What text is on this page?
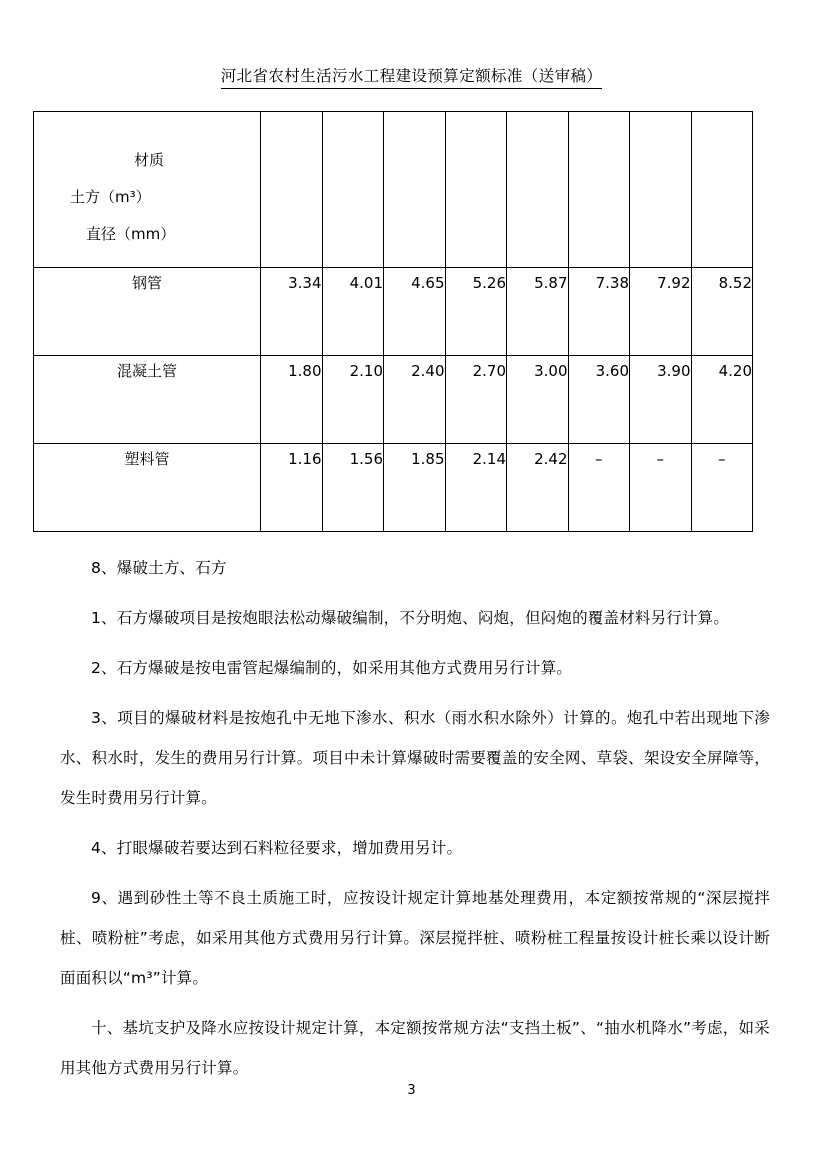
河北省农村生活污水工程建设预算定额标准（送审稿）
材质
土方（m³）
直径（mm）								

钢管	3.34	4.01	4.65	5.26	5.87	7.38	7.92	8.52
混凝土管	1.80	2.10	2.40	2.70	3.00	3.60	3.90	4.20
塑料管	1.16	1.56	1.85	2.14	2.42	–	–	–

8、爆破土方、石方

1、石方爆破项目是按炮眼法松动爆破编制，不分明炮、闷炮，但闷炮的覆盖材料另行计算。

2、石方爆破是按电雷管起爆编制的，如采用其他方式费用另行计算。

3、项目的爆破材料是按炮孔中无地下渗水、积水（雨水积水除外）计算的。炮孔中若出现地下渗水、积水时，发生的费用另行计算。项目中未计算爆破时需要覆盖的安全网、草袋、架设安全屏障等，发生时费用另行计算。

4、打眼爆破若要达到石料粒径要求，增加费用另计。

9、遇到砂性土等不良土质施工时，应按设计规定计算地基处理费用，本定额按常规的“深层搅拌桩、喷粉桩”考虑，如采用其他方式费用另行计算。深层搅拌桩、喷粉桩工程量按设计桩长乘以设计断面面积以“m³”计算。

十、基坑支护及降水应按设计规定计算，本定额按常规方法“支挡土板”、“抽水机降水”考虑，如采用其他方式费用另行计算。

3
